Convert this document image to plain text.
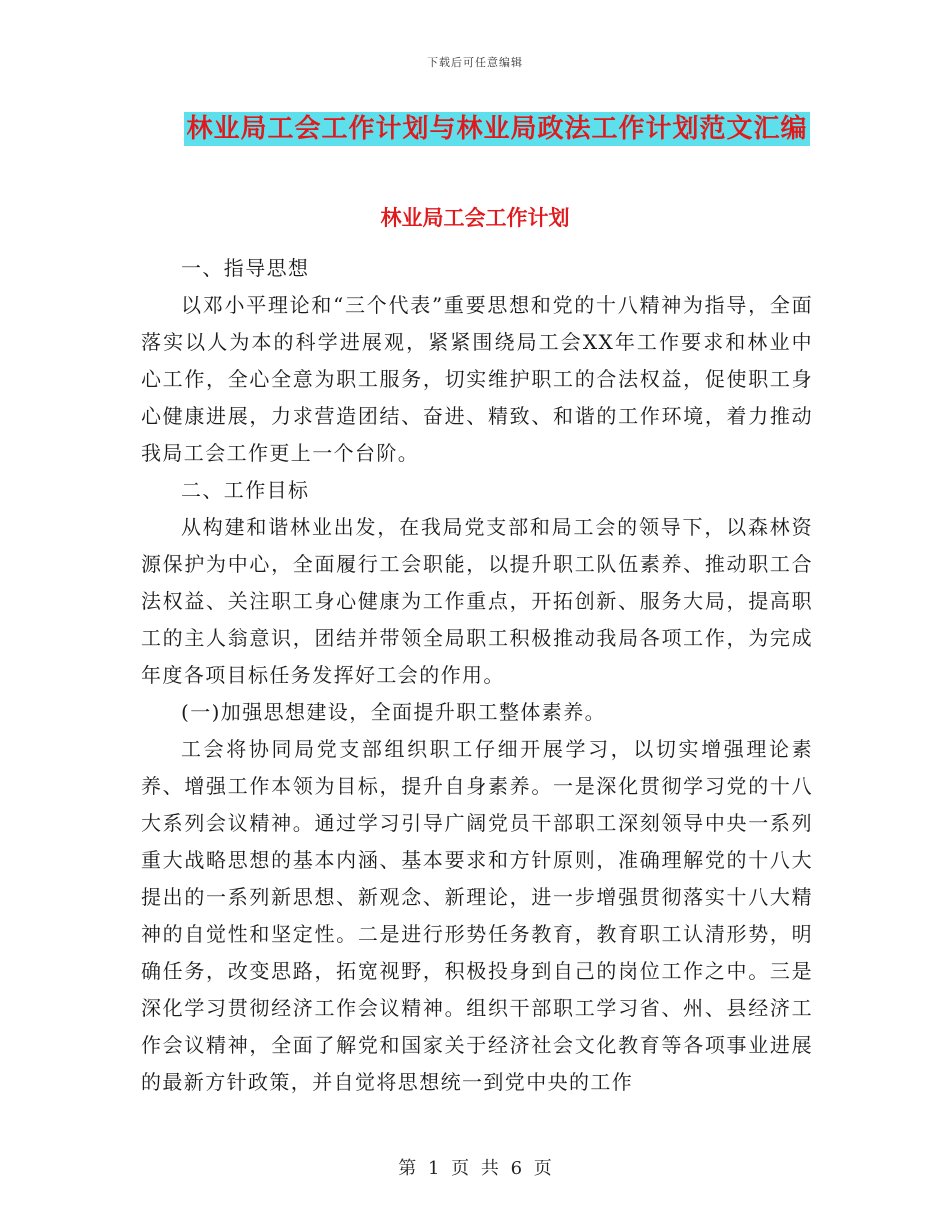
下载后可任意编辑
林业局工会工作计划与林业局政法工作计划范文汇编
林业局工会工作计划

一、指导思想

以邓小平理论和“三个代表”重要思想和党的十八精神为指导，全面落实以人为本的科学进展观，紧紧围绕局工会XX年工作要求和林业中心工作，全心全意为职工服务，切实维护职工的合法权益，促使职工身心健康进展，力求营造团结、奋进、精致、和谐的工作环境，着力推动我局工会工作更上一个台阶。

二、工作目标

从构建和谐林业出发，在我局党支部和局工会的领导下，以森林资源保护为中心，全面履行工会职能，以提升职工队伍素养、推动职工合法权益、关注职工身心健康为工作重点，开拓创新、服务大局，提高职工的主人翁意识，团结并带领全局职工积极推动我局各项工作，为完成年度各项目标任务发挥好工会的作用。

(一)加强思想建设，全面提升职工整体素养。

工会将协同局党支部组织职工仔细开展学习，以切实增强理论素养、增强工作本领为目标，提升自身素养。一是深化贯彻学习党的十八大系列会议精神。通过学习引导广阔党员干部职工深刻领导中央一系列重大战略思想的基本内涵、基本要求和方针原则，准确理解党的十八大提出的一系列新思想、新观念、新理论，进一步增强贯彻落实十八大精神的自觉性和坚定性。二是进行形势任务教育，教育职工认清形势，明确任务，改变思路，拓宽视野，积极投身到自己的岗位工作之中。三是深化学习贯彻经济工作会议精神。组织干部职工学习省、州、县经济工作会议精神，全面了解党和国家关于经济社会文化教育等各项事业进展的最新方针政策，并自觉将思想统一到党中央的工作

第 1 页 共 6 页
